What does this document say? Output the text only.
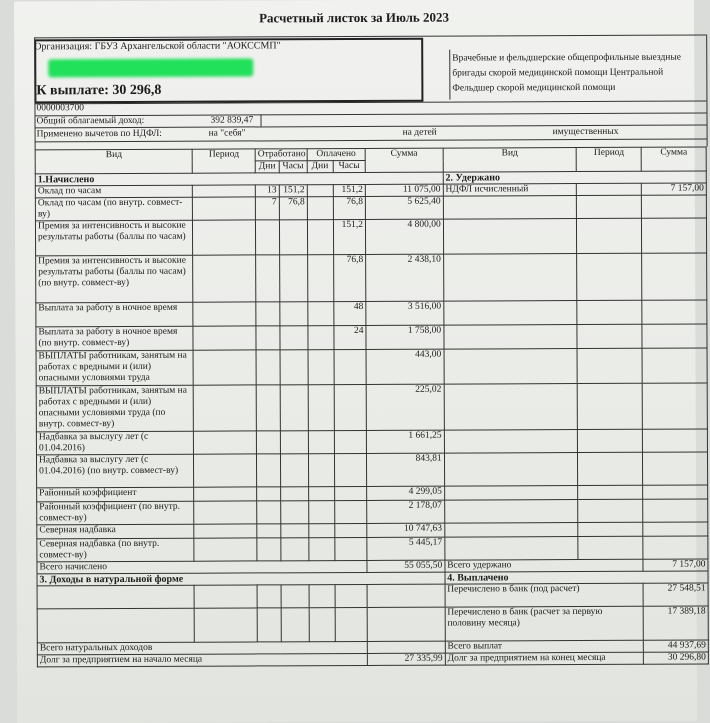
Расчетный листок за Июль 2023
Организация: ГБУЗ Архангельской области "АОКССМП"
К выплате: 30 296,8
Врачебные и фельдшерские общепрофильные выездные бригады скорой медицинской помощи Центральной
Фельдшер скорой медицинской помощи
0000003700
Общий облагаемый доход:	392 839,47
Применено вычетов по НДФЛ:	на "себя"	на детей	имущественных
Вид	Период	Отработано		Оплачено		Сумма	Вид	Период	Сумма
		Дни	Часы	Дни	Часы				
1.Начислено							2. Удержано		
Оклад по часам		13	151,2		151,2	11 075,00	НДФЛ исчисленный		7 157,00
Оклад по часам (по внутр. совмест-ву)		7	76,8		76,8	5 625,40			
Премия за интенсивность и высокие результаты работы (баллы по часам)					151,2	4 800,00			
Премия за интенсивность и высокие результаты работы (баллы по часам) (по внутр. совмест-ву)					76,8	2 438,10			
Выплата за работу в ночное время					48	3 516,00			
Выплата за работу в ночное время (по внутр. совмест-ву)					24	1 758,00			
ВЫПЛАТЫ работникам, занятым на работах с вредными и (или) опасными условиями труда						443,00			
ВЫПЛАТЫ работникам, занятым на работах с вредными и (или) опасными условиями труда (по внутр. совмест-ву)						225,02			
Надбавка за выслугу лет (с 01.04.2016)						1 661,25			
Надбавка за выслугу лет (с 01.04.2016) (по внутр. совмест-ву)						843,81			
Районный коэффициент						4 299,05			
Районный коэффициент (по внутр. совмест-ву)						2 178,07			
Северная надбавка						10 747,63			
Северная надбавка (по внутр. совмест-ву)						5 445,17			
Всего начислено						55 055,50	Всего удержано		7 157,00
3. Доходы в натуральной форме							4. Выплачено		
							Перечислено в банк (под расчет)		27 548,51
							Перечислено в банк (расчет за первую половину месяца)		17 389,18
Всего натуральных доходов							Всего выплат		44 937,69
Долг за предприятием на начало месяца						27 335,99	Долг за предприятием на конец месяца		30 296,80
